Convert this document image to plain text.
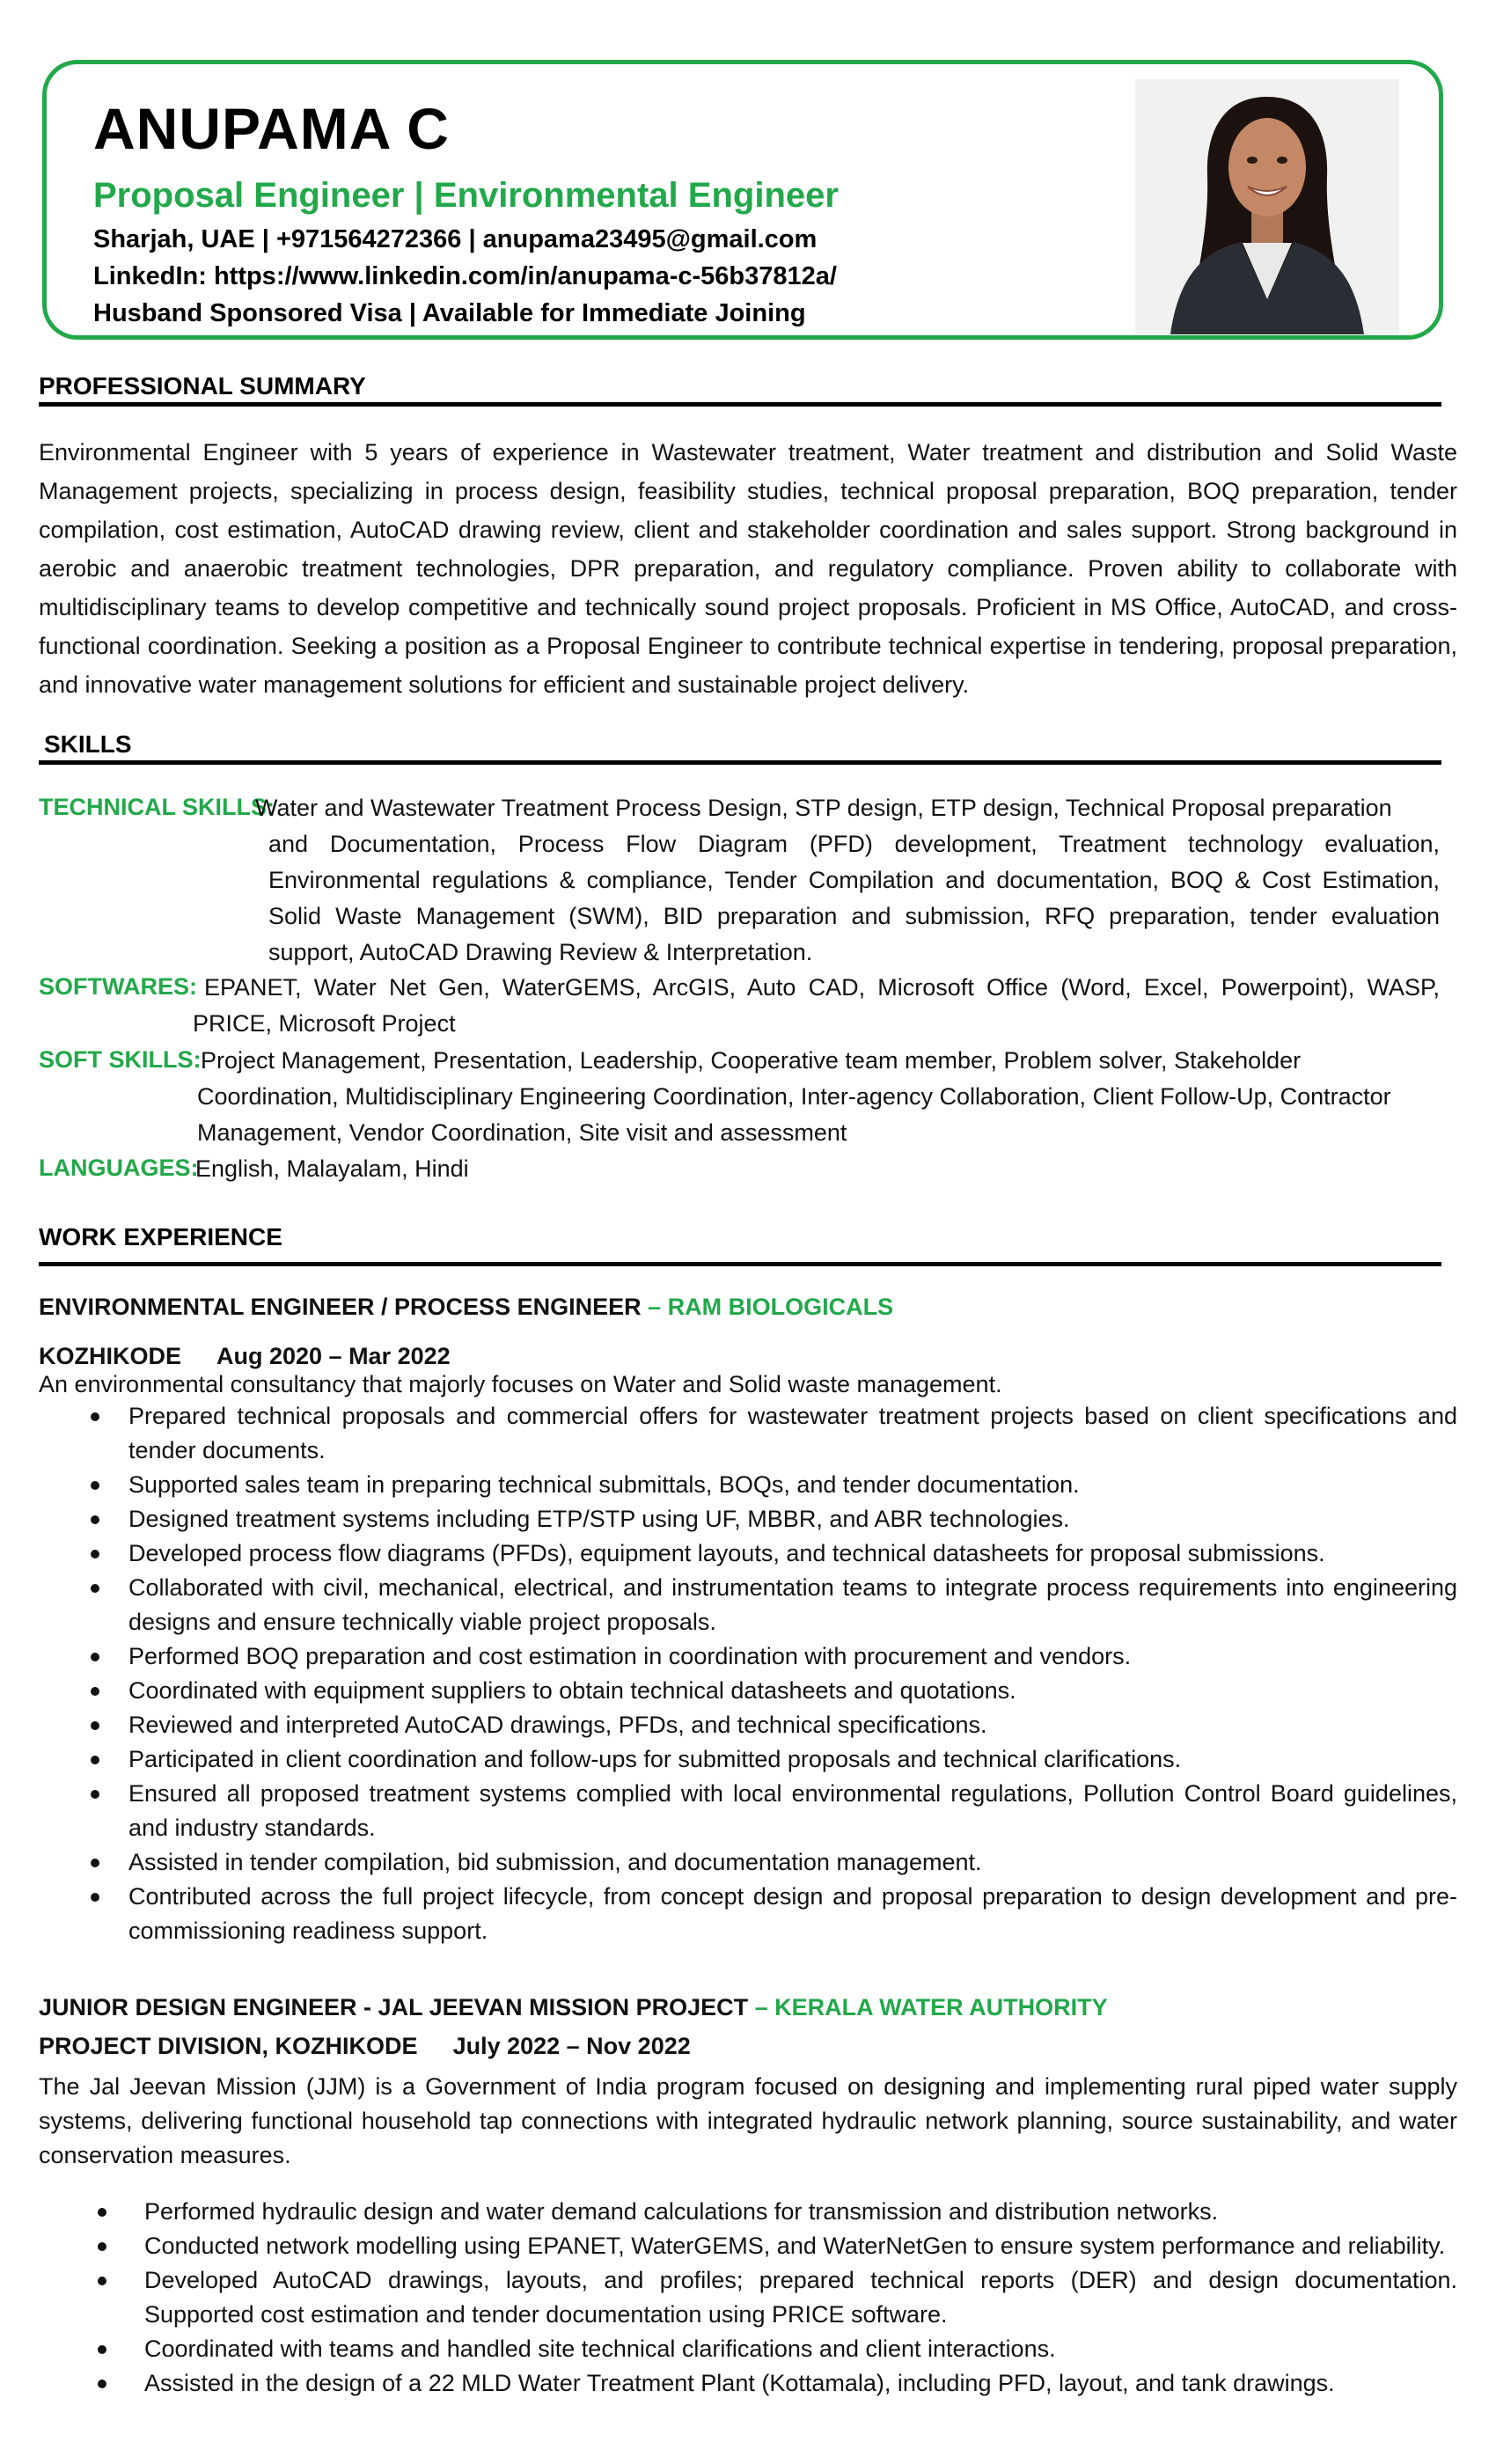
ANUPAMA C
Proposal Engineer | Environmental Engineer
Sharjah, UAE | +971564272366 | anupama23495@gmail.com
LinkedIn: https://www.linkedin.com/in/anupama-c-56b37812a/
Husband Sponsored Visa | Available for Immediate Joining
PROFESSIONAL SUMMARY
Environmental Engineer with 5 years of experience in Wastewater treatment, Water treatment and distribution and Solid Waste Management projects, specializing in process design, feasibility studies, technical proposal preparation, BOQ preparation, tender compilation, cost estimation, AutoCAD drawing review, client and stakeholder coordination and sales support. Strong background in aerobic and anaerobic treatment technologies, DPR preparation, and regulatory compliance. Proven ability to collaborate with multidisciplinary teams to develop competitive and technically sound project proposals. Proficient in MS Office, AutoCAD, and cross-functional coordination. Seeking a position as a Proposal Engineer to contribute technical expertise in tendering, proposal preparation, and innovative water management solutions for efficient and sustainable project delivery.
SKILLS
TECHNICAL SKILLS:
Water and Wastewater Treatment Process Design, STP design, ETP design, Technical Proposal preparation
and Documentation, Process Flow Diagram (PFD) development, Treatment technology evaluation, Environmental regulations & compliance, Tender Compilation and documentation, BOQ & Cost Estimation, Solid Waste Management (SWM), BID preparation and submission, RFQ preparation, tender evaluation support, AutoCAD Drawing Review & Interpretation.
SOFTWARES: EPANET, Water Net Gen, WaterGEMS, ArcGIS, Auto CAD, Microsoft Office (Word, Excel, Powerpoint), WASP, PRICE, Microsoft Project
SOFT SKILLS: Project Management, Presentation, Leadership, Cooperative team member, Problem solver, Stakeholder Coordination, Multidisciplinary Engineering Coordination, Inter-agency Collaboration, Client Follow-Up, Contractor Management, Vendor Coordination, Site visit and assessment
LANGUAGES:
English, Malayalam, Hindi
WORK EXPERIENCE
ENVIRONMENTAL ENGINEER / PROCESS ENGINEER – RAM BIOLOGICALS
KOZHIKODE Aug 2020 – Mar 2022
An environmental consultancy that majorly focuses on Water and Solid waste management.
Prepared technical proposals and commercial offers for wastewater treatment projects based on client specifications and tender documents.
Supported sales team in preparing technical submittals, BOQs, and tender documentation.
Designed treatment systems including ETP/STP using UF, MBBR, and ABR technologies.
Developed process flow diagrams (PFDs), equipment layouts, and technical datasheets for proposal submissions.
Collaborated with civil, mechanical, electrical, and instrumentation teams to integrate process requirements into engineering designs and ensure technically viable project proposals.
Performed BOQ preparation and cost estimation in coordination with procurement and vendors.
Coordinated with equipment suppliers to obtain technical datasheets and quotations.
Reviewed and interpreted AutoCAD drawings, PFDs, and technical specifications.
Participated in client coordination and follow-ups for submitted proposals and technical clarifications.
Ensured all proposed treatment systems complied with local environmental regulations, Pollution Control Board guidelines, and industry standards.
Assisted in tender compilation, bid submission, and documentation management.
Contributed across the full project lifecycle, from concept design and proposal preparation to design development and pre-commissioning readiness support.
JUNIOR DESIGN ENGINEER - JAL JEEVAN MISSION PROJECT – KERALA WATER AUTHORITY
PROJECT DIVISION, KOZHIKODE July 2022 – Nov 2022
The Jal Jeevan Mission (JJM) is a Government of India program focused on designing and implementing rural piped water supply systems, delivering functional household tap connections with integrated hydraulic network planning, source sustainability, and water conservation measures.
Performed hydraulic design and water demand calculations for transmission and distribution networks.
Conducted network modelling using EPANET, WaterGEMS, and WaterNetGen to ensure system performance and reliability.
Developed AutoCAD drawings, layouts, and profiles; prepared technical reports (DER) and design documentation. Supported cost estimation and tender documentation using PRICE software.
Coordinated with teams and handled site technical clarifications and client interactions.
Assisted in the design of a 22 MLD Water Treatment Plant (Kottamala), including PFD, layout, and tank drawings.
